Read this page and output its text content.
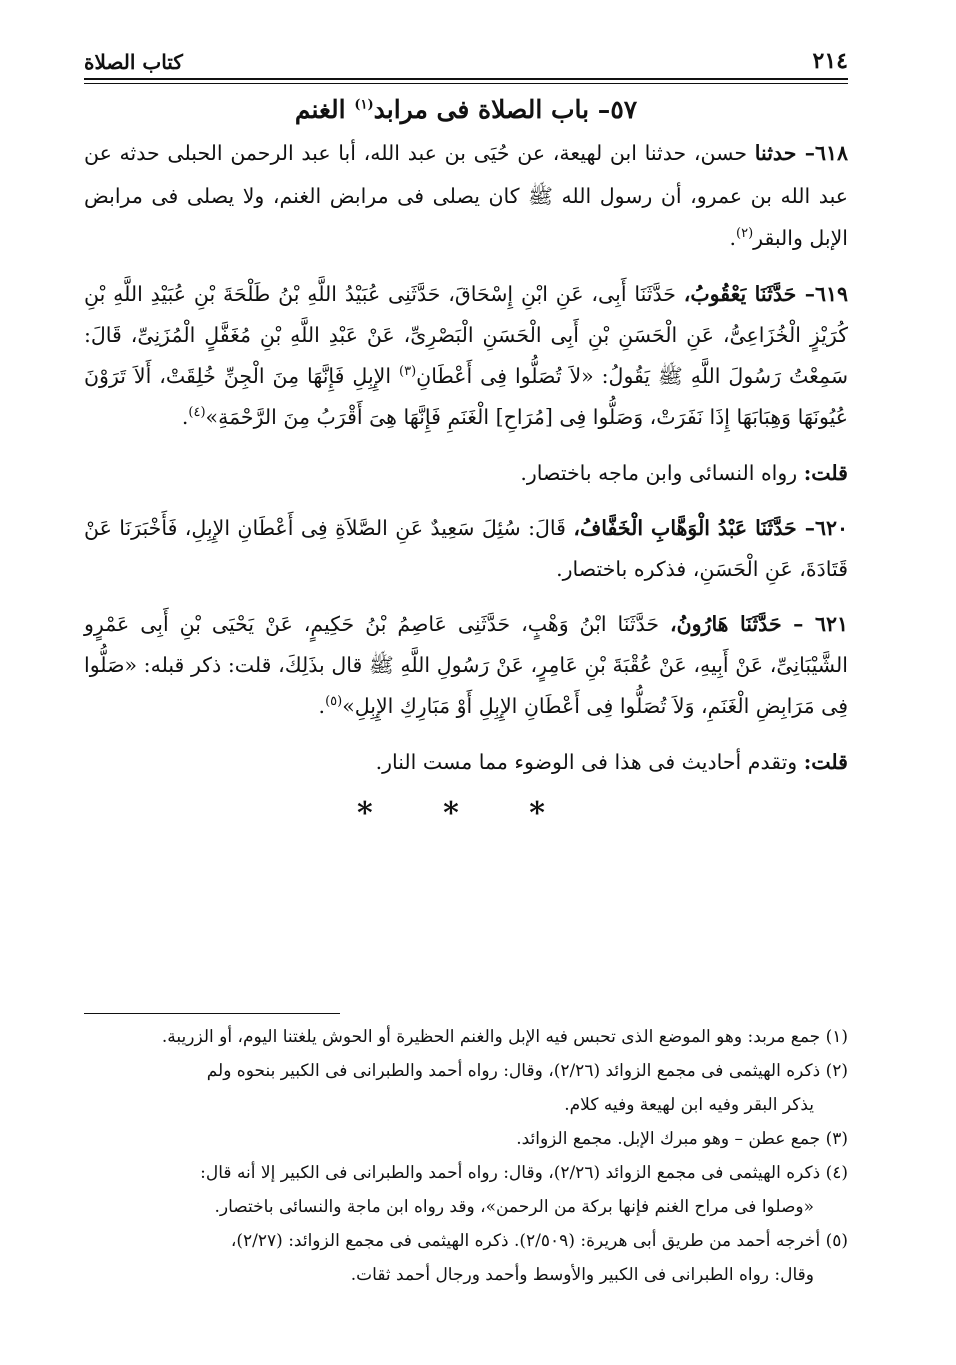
٢١٤
كتاب الصلاة
٥٧– باب الصلاة فى مرابد$^{(١)}$ الغنم

٦١٨– حدثنا حسن، حدثنا ابن لهيعة، عن حُيَى بن عبد الله، أبا عبد الرحمن الحبلى حدثه عن عبد الله بن عمرو، أن رسول الله ﷺ كان يصلى فى مرابض الغنم، ولا يصلى فى مرابض الإبل والبقر$^{(٢)}$.

٦١٩– حَدَّثَنَا يَعْقُوبُ، حَدَّثَنَا أَبِى، عَنِ ابْنِ إِسْحَاقَ، حَدَّثَنِى عُبَيْدُ اللَّهِ بْنُ طَلْحَةَ بْنِ عُبَيْدِ اللَّهِ بْنِ كُرَيْزٍ الْخُزَاعِىُّ، عَنِ الْحَسَنِ بْنِ أَبِى الْحَسَنِ الْبَصْرِىِّ، عَنْ عَبْدِ اللَّهِ بْنِ مُغَفَّلٍ الْمُزَنِىِّ، قَالَ: سَمِعْتُ رَسُولَ اللَّهِ ﷺ يَقُولُ: «لاَ تُصَلُّوا فِى أَعْطَانِ$^{(٣)}$ الإِبِلِ فَإِنَّهَا مِنَ الْجِنِّ خُلِقَتْ، أَلاَ تَرَوْنَ عُيُونَهَا وَهِبَابَهَا إِذَا نَفَرَتْ، وَصَلُّوا فِى [مُرَاحِ] الْغَنَمِ فَإِنَّهَا هِىَ أَقْرَبُ مِنَ الرَّحْمَةِ»$^{(٤)}$.

قلت: رواه النسائى وابن ماجه باختصار.

٦٢٠– حَدَّثَنَا عَبْدُ الْوَهَّابِ الْخَفَّافُ، قَالَ: سُئِلَ سَعِيدٌ عَنِ الصَّلاَةِ فِى أَعْطَانِ الإِبِلِ، فَأَخْبَرَنَا عَنْ قَتَادَةَ، عَنِ الْحَسَنِ، فذكره باختصار.

٦٢١ – حَدَّثَنَا هَارُونُ، حَدَّثَنَا ابْنُ وَهْبٍ، حَدَّثَنِى عَاصِمُ بْنُ حَكِيمٍ، عَنْ يَحْيَى بْنِ أَبِى عَمْرٍو الشَّيْبَانِىِّ، عَنْ أَبِيهِ، عَنْ عُقْبَةَ بْنِ عَامِرٍ، عَنْ رَسُولِ اللَّهِ ﷺ قال بذَلِكَ، قلت: ذكر قبله: «صَلُّوا فِى مَرَابِضِ الْغَنَمِ، وَلاَ تُصَلُّوا فِى أَعْطَانِ الإِبِلِ أَوْ مَبَارِكِ الإِبِلِ»$^{(٥)}$.

قلت: وتقدم أحاديث فى هذا فى الوضوء مما مست النار.

* * *

(١) جمع مربد: وهو الموضع الذى تحبس فيه الإبل والغنم الحظيرة أو الحوش يلغتنا اليوم، أو الزريبة.

(٢) ذكره الهيثمى فى مجمع الزوائد (٢/٢٦)، وقال: رواه أحمد والطبرانى فى الكبير بنحوه ولم

يذكر البقر وفيه ابن لهيعة وفيه كلام.

(٣) جمع عطن – وهو مبرك الإبل. مجمع الزوائد.

(٤) ذكره الهيثمى فى مجمع الزوائد (٢/٢٦)، وقال: رواه أحمد والطبرانى فى الكبير إلا أنه قال:

«وصلوا فى مراح الغنم فإنها بركة من الرحمن»، وقد رواه ابن ماجة والنسائى باختصار.

(٥) أخرجه أحمد من طريق أبى هريرة: (٢/٥٠٩). ذكره الهيثمى فى مجمع الزوائد: (٢/٢٧)،

وقال: رواه الطبرانى فى الكبير والأوسط وأحمد ورجال أحمد ثقات.
